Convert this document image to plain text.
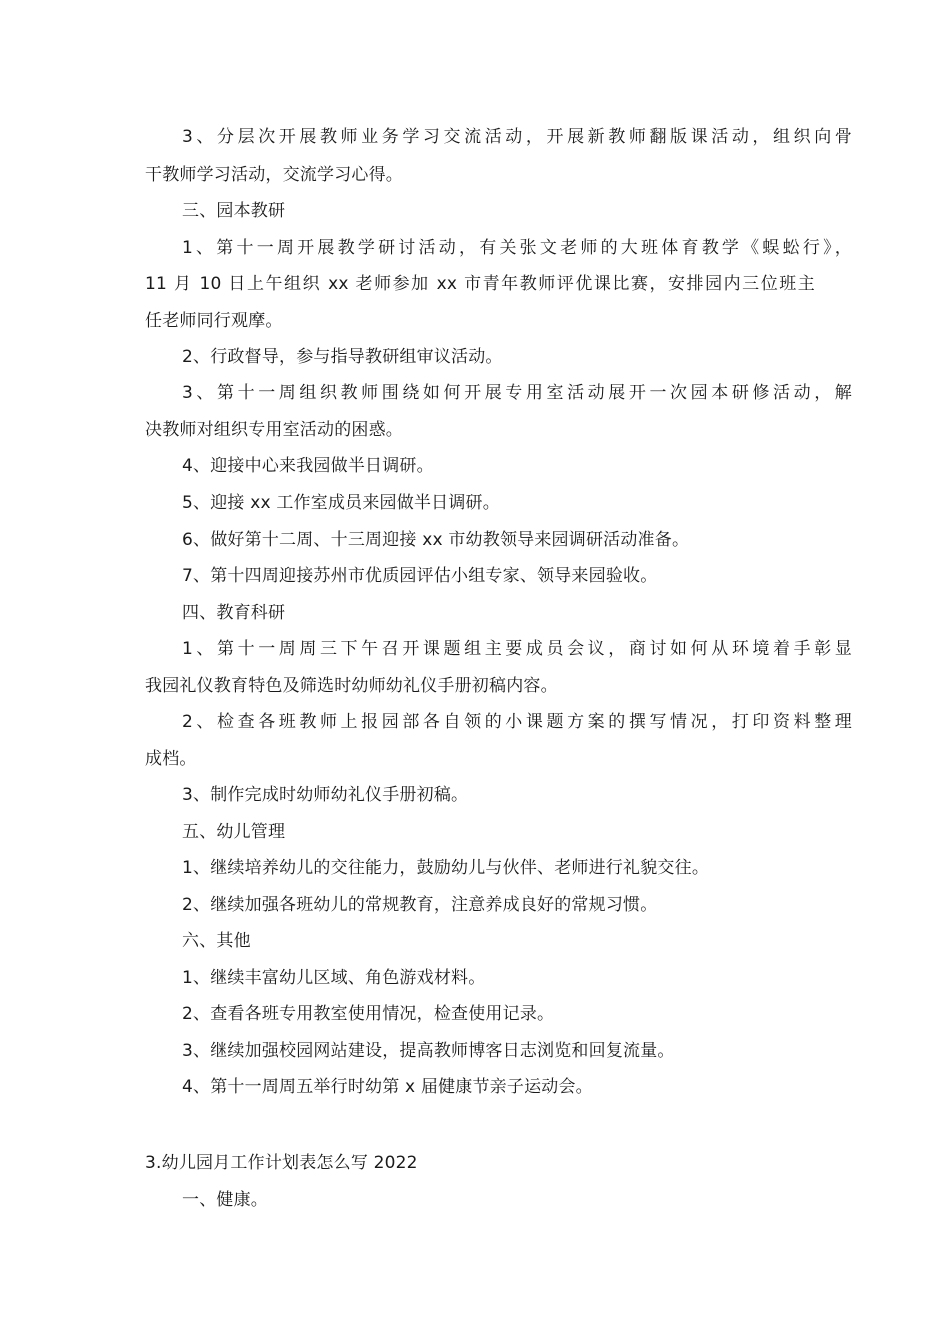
3、分层次开展教师业务学习交流活动，开展新教师翻版课活动，组织向骨
干教师学习活动，交流学习心得。
三、园本教研
1、第十一周开展教学研讨活动，有关张文老师的大班体育教学《蜈蚣行》，
11 月 10 日上午组织 xx 老师参加 xx 市青年教师评优课比赛，安排园内三位班主
任老师同行观摩。
2、行政督导，参与指导教研组审议活动。
3、第十一周组织教师围绕如何开展专用室活动展开一次园本研修活动，解
决教师对组织专用室活动的困惑。
4、迎接中心来我园做半日调研。
5、迎接 xx 工作室成员来园做半日调研。
6、做好第十二周、十三周迎接 xx 市幼教领导来园调研活动准备。
7、第十四周迎接苏州市优质园评估小组专家、领导来园验收。
四、教育科研
1、第十一周周三下午召开课题组主要成员会议，商讨如何从环境着手彰显
我园礼仪教育特色及筛选时幼师幼礼仪手册初稿内容。
2、检查各班教师上报园部各自领的小课题方案的撰写情况，打印资料整理
成档。
3、制作完成时幼师幼礼仪手册初稿。
五、幼儿管理
1、继续培养幼儿的交往能力，鼓励幼儿与伙伴、老师进行礼貌交往。
2、继续加强各班幼儿的常规教育，注意养成良好的常规习惯。
六、其他
1、继续丰富幼儿区域、角色游戏材料。
2、查看各班专用教室使用情况，检查使用记录。
3、继续加强校园网站建设，提高教师博客日志浏览和回复流量。
4、第十一周周五举行时幼第 x 届健康节亲子运动会。
3.幼儿园月工作计划表怎么写 2022
一、健康。
